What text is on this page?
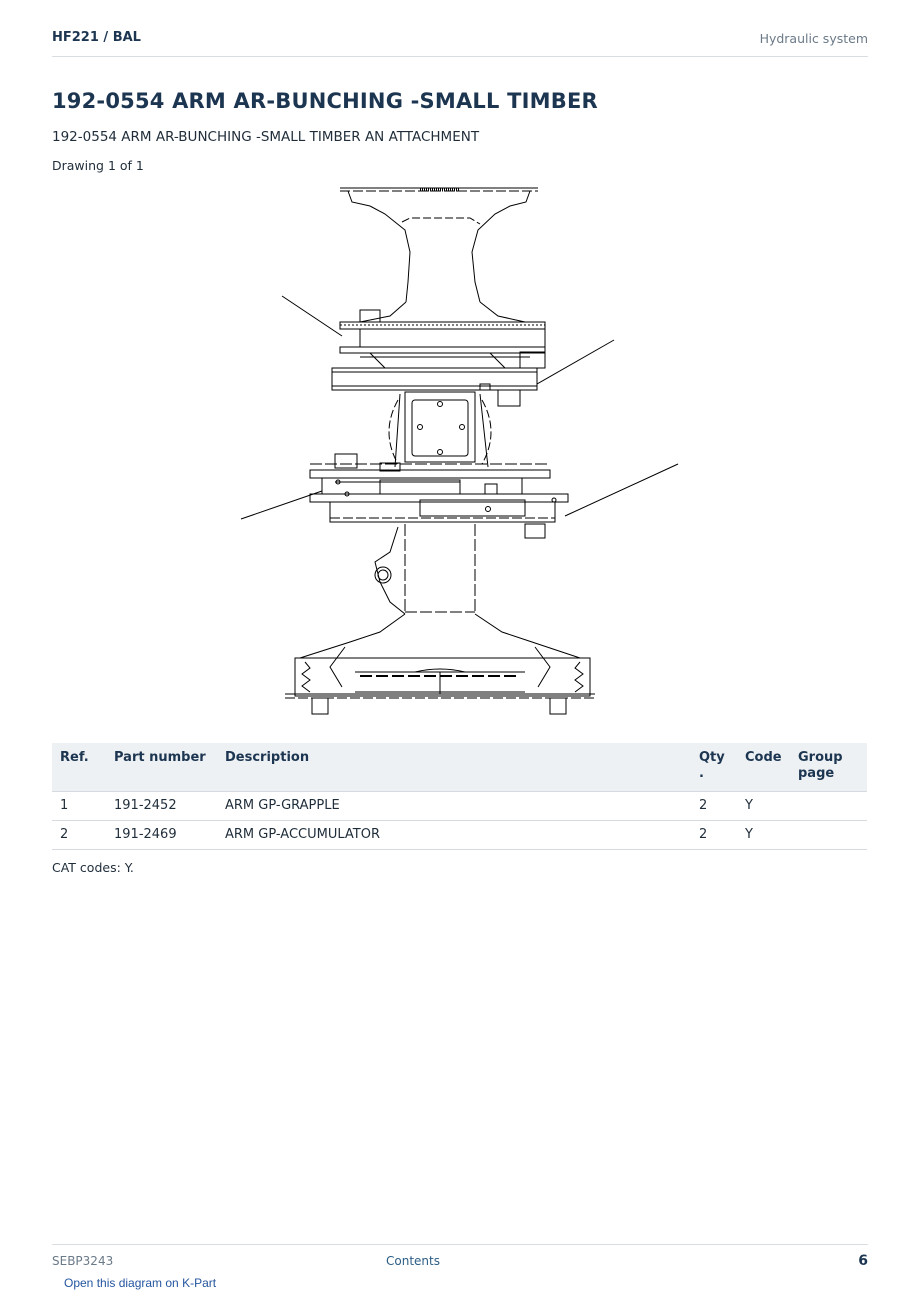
HF221 / BAL	Hydraulic system
192-0554 ARM AR-BUNCHING -SMALL TIMBER
192-0554 ARM AR-BUNCHING -SMALL TIMBER AN ATTACHMENT
Drawing 1 of 1
Ref.	Part number	Description	Qty .	Code	Group page
1	191-2452	ARM GP-GRAPPLE	2	Y	
2	191-2469	ARM GP-ACCUMULATOR	2	Y	
CAT codes: Y.
SEBP3243	Contents	6
Open this diagram on K-Part
